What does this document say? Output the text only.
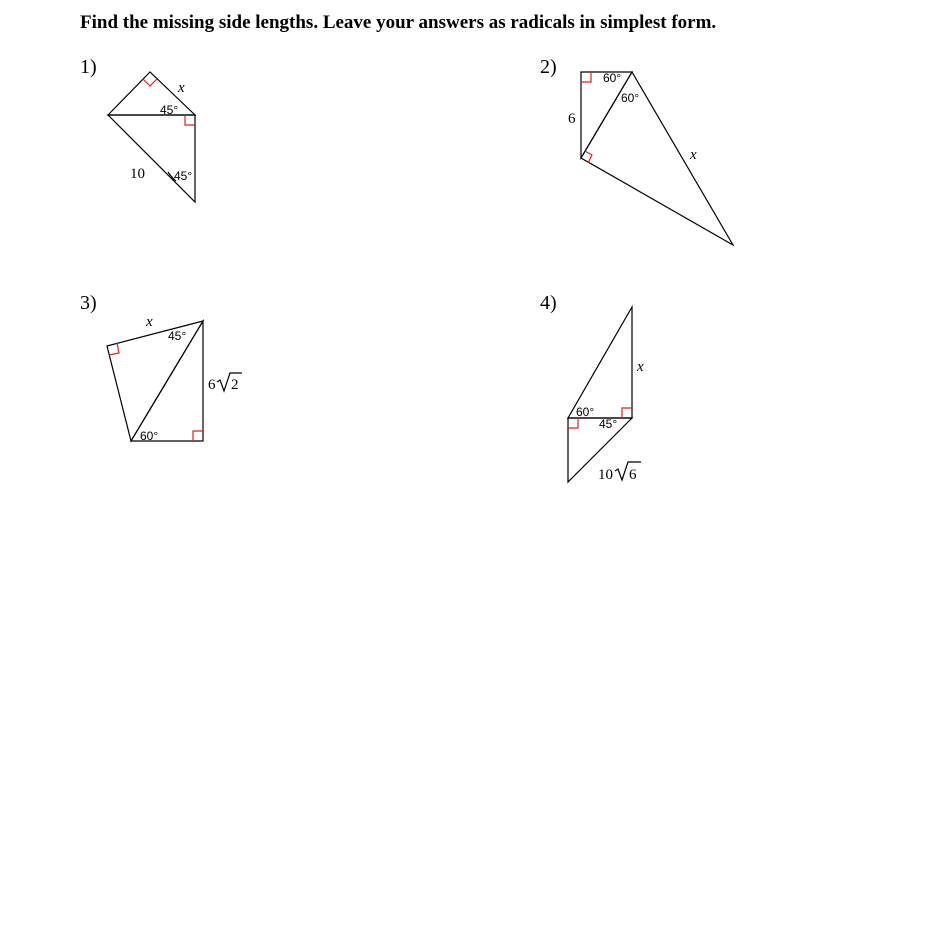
Find the missing side lengths. Leave your answers as radicals in simplest form.
1)	2)
3)	4)
x
45°
10 45°
60°
60°
6
x
x
45°
60°
6 2
x
60°
45°
10 6
